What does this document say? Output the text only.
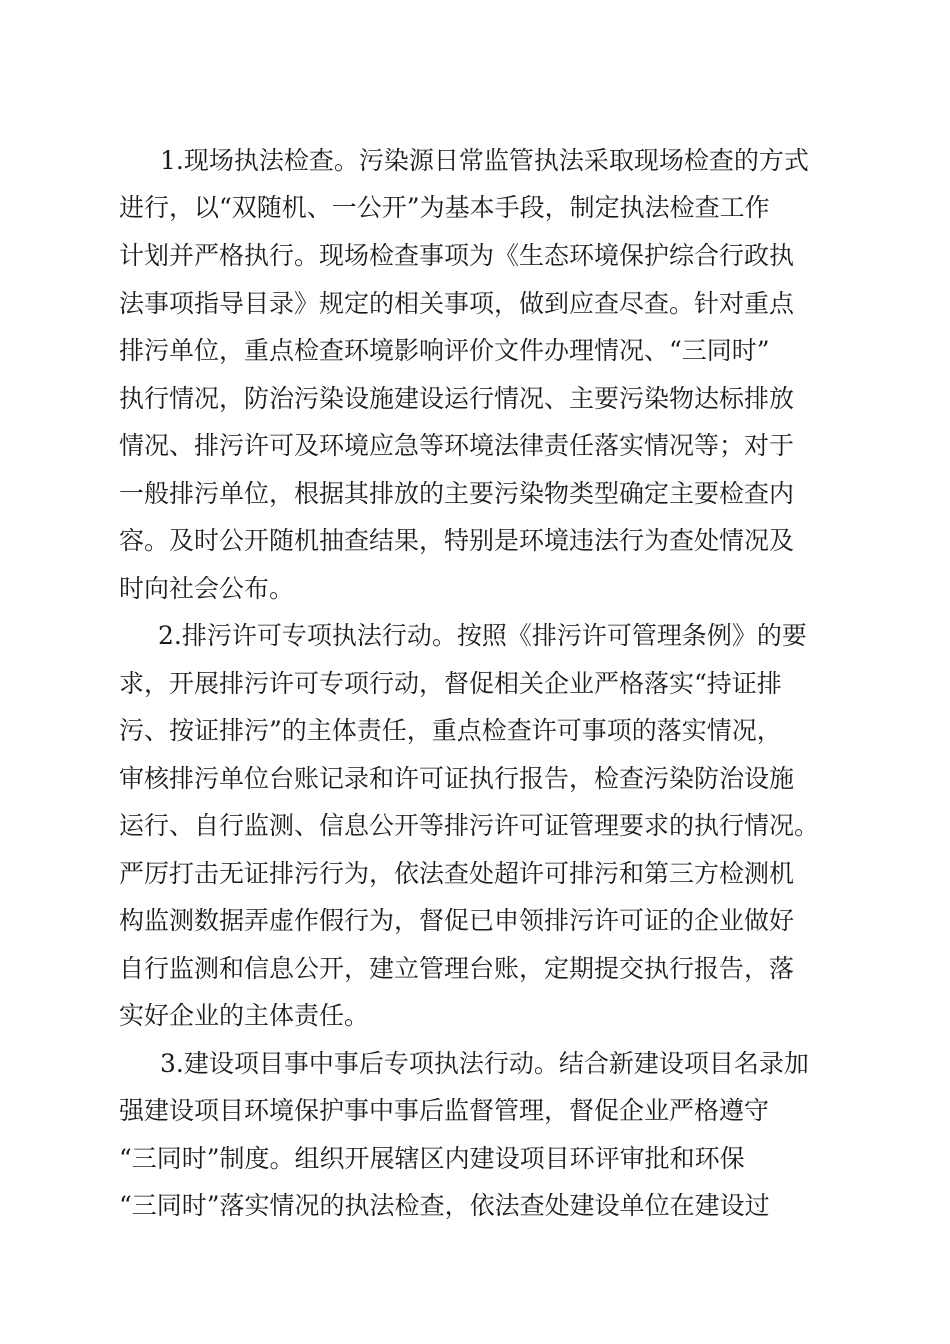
1.现场执法检查。污染源日常监管执法采取现场检查的方式

进行，以“双随机、一公开”为基本手段，制定执法检查工作

计划并严格执行。现场检查事项为《生态环境保护综合行政执

法事项指导目录》规定的相关事项，做到应查尽查。针对重点

排污单位，重点检查环境影响评价文件办理情况、“三同时”

执行情况，防治污染设施建设运行情况、主要污染物达标排放

情况、排污许可及环境应急等环境法律责任落实情况等；对于

一般排污单位，根据其排放的主要污染物类型确定主要检查内

容。及时公开随机抽查结果，特别是环境违法行为查处情况及

时向社会公布。

2.排污许可专项执法行动。按照《排污许可管理条例》的要

求，开展排污许可专项行动，督促相关企业严格落实“持证排

污、按证排污”的主体责任，重点检查许可事项的落实情况，

审核排污单位台账记录和许可证执行报告，检查污染防治设施

运行、自行监测、信息公开等排污许可证管理要求的执行情况。

严厉打击无证排污行为，依法查处超许可排污和第三方检测机

构监测数据弄虚作假行为，督促已申领排污许可证的企业做好

自行监测和信息公开，建立管理台账，定期提交执行报告，落

实好企业的主体责任。

3.建设项目事中事后专项执法行动。结合新建设项目名录加

强建设项目环境保护事中事后监督管理，督促企业严格遵守

“三同时”制度。组织开展辖区内建设项目环评审批和环保

“三同时”落实情况的执法检查，依法查处建设单位在建设过
